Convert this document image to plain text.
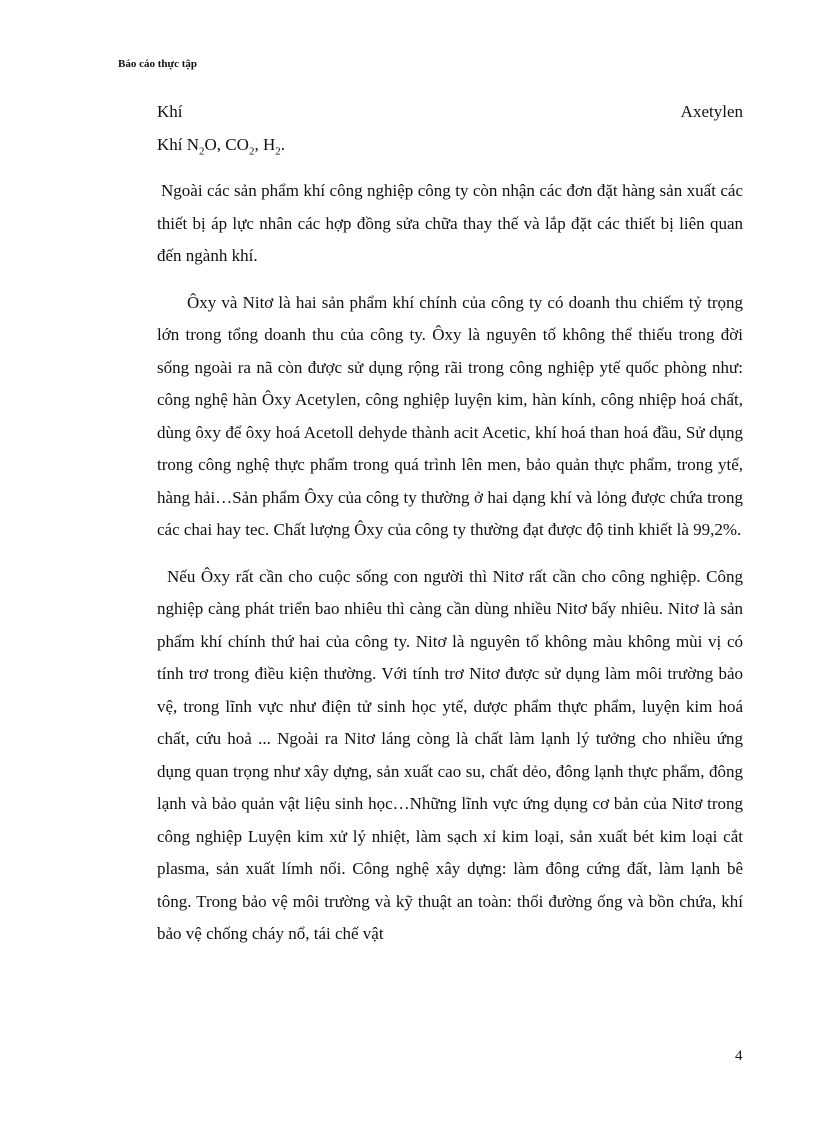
Báo cáo thực tập
Khí	Axetylen
Khí $N_2O$, $CO_2$, $H_2$.

Ngoài các sản phẩm khí công nghiệp công ty còn nhận các đơn đặt hàng sản xuất các thiết bị áp lực nhân các hợp đồng sửa chữa thay thế và lắp đặt các thiết bị liên quan đến ngành khí.

Ôxy và Nitơ là hai sản phẩm khí chính của công ty có doanh thu chiếm tỷ trọng lớn trong tổng doanh thu của công ty. Ôxy là nguyên tố không thể thiếu trong đời sống ngoài ra nã còn được sử dụng rộng rãi trong công nghiệp ytế quốc phòng như: công nghệ hàn Ôxy Acetylen, công nghiệp luyện kim, hàn kính, công nhiệp hoá chất, dùng ôxy để ôxy hoá Acetoll dehyde thành acit Acetic, khí hoá than hoá đầu, Sử dụng trong công nghệ thực phẩm trong quá trình lên men, bảo quản thực phẩm, trong ytế, hàng hải…Sản phẩm Ôxy của công ty thường ở hai dạng khí và lỏng được chứa trong các chai hay tec. Chất lượng Ôxy của công ty thường đạt được độ tinh khiết là 99,2%.

Nếu Ôxy rất cần cho cuộc sống con người thì Nitơ rất cần cho công nghiệp. Công nghiệp càng phát triển bao nhiêu thì càng cần dùng nhiều Nitơ bấy nhiêu. Nitơ là sản phẩm khí chính thứ hai của công ty. Nitơ là nguyên tố không màu không mùi vị có tính trơ trong điều kiện thường. Với tính trơ Nitơ được sử dụng làm môi trường bảo vệ, trong lĩnh vực như điện tử sinh học ytế, dược phẩm thực phẩm, luyện kim hoá chất, cứu hoả ... Ngoài ra Nitơ láng còng là chất làm lạnh lý tưởng cho nhiều ứng dụng quan trọng như xây dựng, sản xuất cao su, chất dẻo, đông lạnh thực phẩm, đông lạnh và bảo quản vật liệu sinh học…Những lĩnh vực ứng dụng cơ bản của Nitơ trong công nghiệp Luyện kim xử lý nhiệt, làm sạch xỉ kim loại, sản xuất bét kim loại cắt plasma, sản xuất límh nổi. Công nghệ xây dựng: làm đông cứng đất, làm lạnh bê tông. Trong bảo vệ môi trường và kỹ thuật an toàn: thổi đường ống và bồn chứa, khí bảo vệ chống cháy nổ, tái chế vật

4
